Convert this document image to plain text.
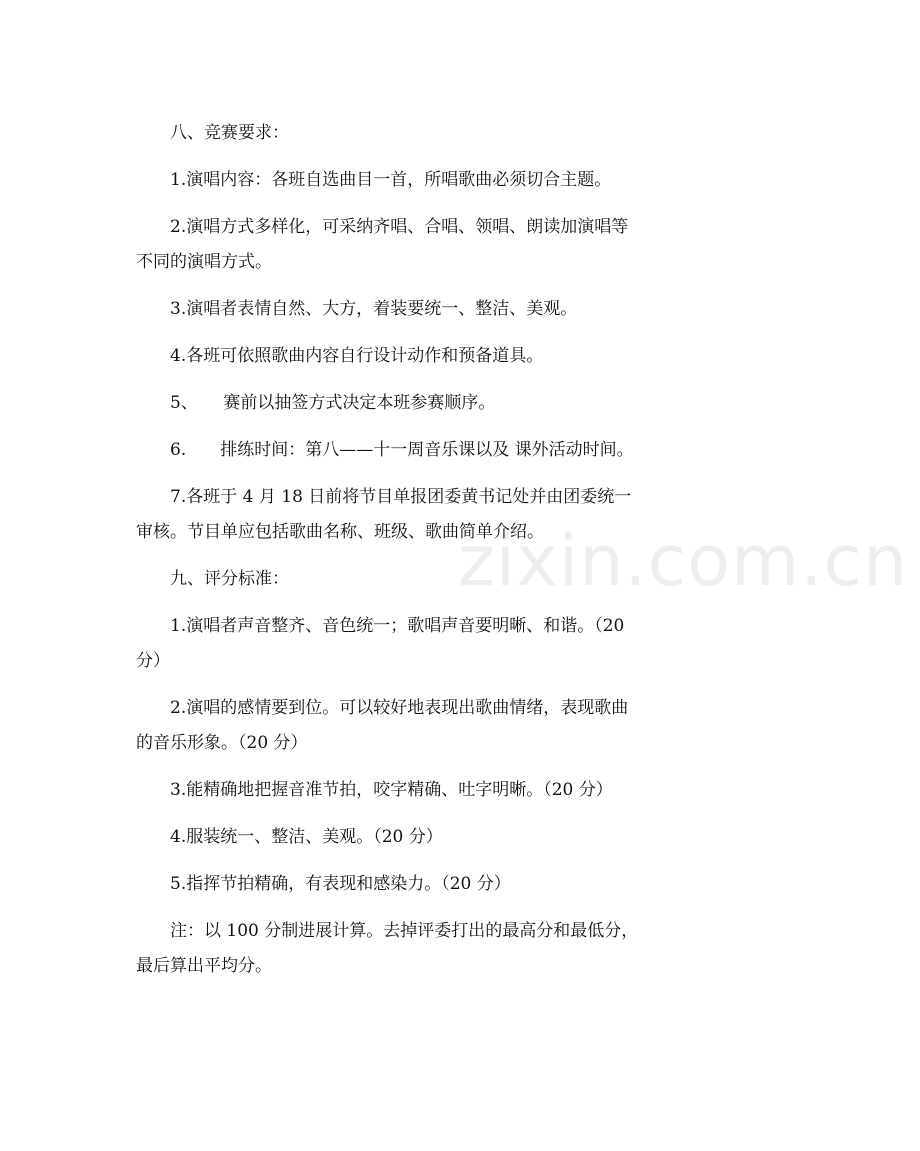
八、竞赛要求：

1.演唱内容：各班自选曲目一首，所唱歌曲必须切合主题。

2.演唱方式多样化，可采纳齐唱、合唱、领唱、朗读加演唱等
不同的演唱方式。

3.演唱者表情自然、大方，着装要统一、整洁、美观。

4.各班可依照歌曲内容自行设计动作和预备道具。

5、　　赛前以抽签方式决定本班参赛顺序。

6.　　排练时间：第八——十一周音乐课以及 课外活动时间。

7.各班于 4 月 18 日前将节目单报团委黄书记处并由团委统一
审核。节目单应包括歌曲名称、班级、歌曲简单介绍。

九、评分标准：

1.演唱者声音整齐、音色统一；歌唱声音要明晰、和谐。（20
分）

2.演唱的感情要到位。可以较好地表现出歌曲情绪，表现歌曲
的音乐形象。（20 分）

3.能精确地把握音准节拍，咬字精确、吐字明晰。（20 分）

4.服装统一、整洁、美观。（20 分）

5.指挥节拍精确，有表现和感染力。（20 分）

注：以 100 分制进展计算。去掉评委打出的最高分和最低分，
最后算出平均分。

zixin.com.cn
